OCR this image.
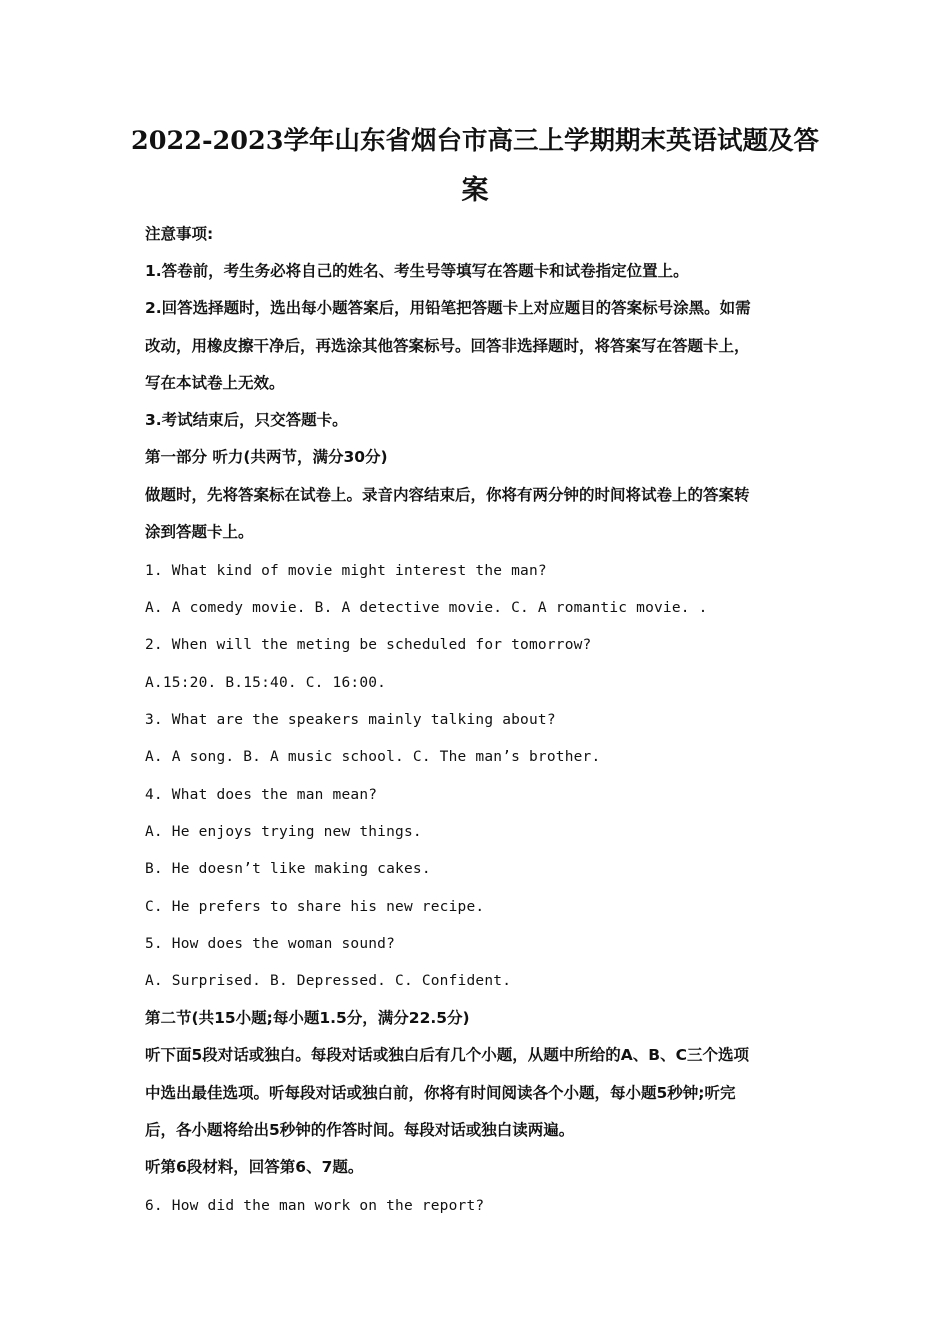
2022-2023学年山东省烟台市高三上学期期末英语试题及答
案
注意事项:
1.答卷前，考生务必将自己的姓名、考生号等填写在答题卡和试卷指定位置上。
2.回答选择题时，选出每小题答案后，用铅笔把答题卡上对应题目的答案标号涂黑。如需
改动，用橡皮擦干净后，再选涂其他答案标号。回答非选择题时，将答案写在答题卡上，
写在本试卷上无效。
3.考试结束后，只交答题卡。
第一部分 听力(共两节，满分30分)
做题时，先将答案标在试卷上。录音内容结束后，你将有两分钟的时间将试卷上的答案转
涂到答题卡上。
1. What kind of movie might interest the man?
A. A comedy movie. B. A detective movie. C. A romantic movie. .
2. When will the meting be scheduled for tomorrow?
A.15:20. B.15:40. C. 16:00.
3. What are the speakers mainly talking about?
A. A song. B. A music school. C. The man’s brother.
4. What does the man mean?
A. He enjoys trying new things.
B. He doesn’t like making cakes.
C. He prefers to share his new recipe.
5. How does the woman sound?
A. Surprised. B. Depressed. C. Confident.
第二节(共15小题;每小题1.5分，满分22.5分)
听下面5段对话或独白。每段对话或独白后有几个小题，从题中所给的A、B、C三个选项
中选出最佳选项。听每段对话或独白前，你将有时间阅读各个小题，每小题5秒钟;听完
后，各小题将给出5秒钟的作答时间。每段对话或独白读两遍。
听第6段材料，回答第6、7题。
6. How did the man work on the report?
